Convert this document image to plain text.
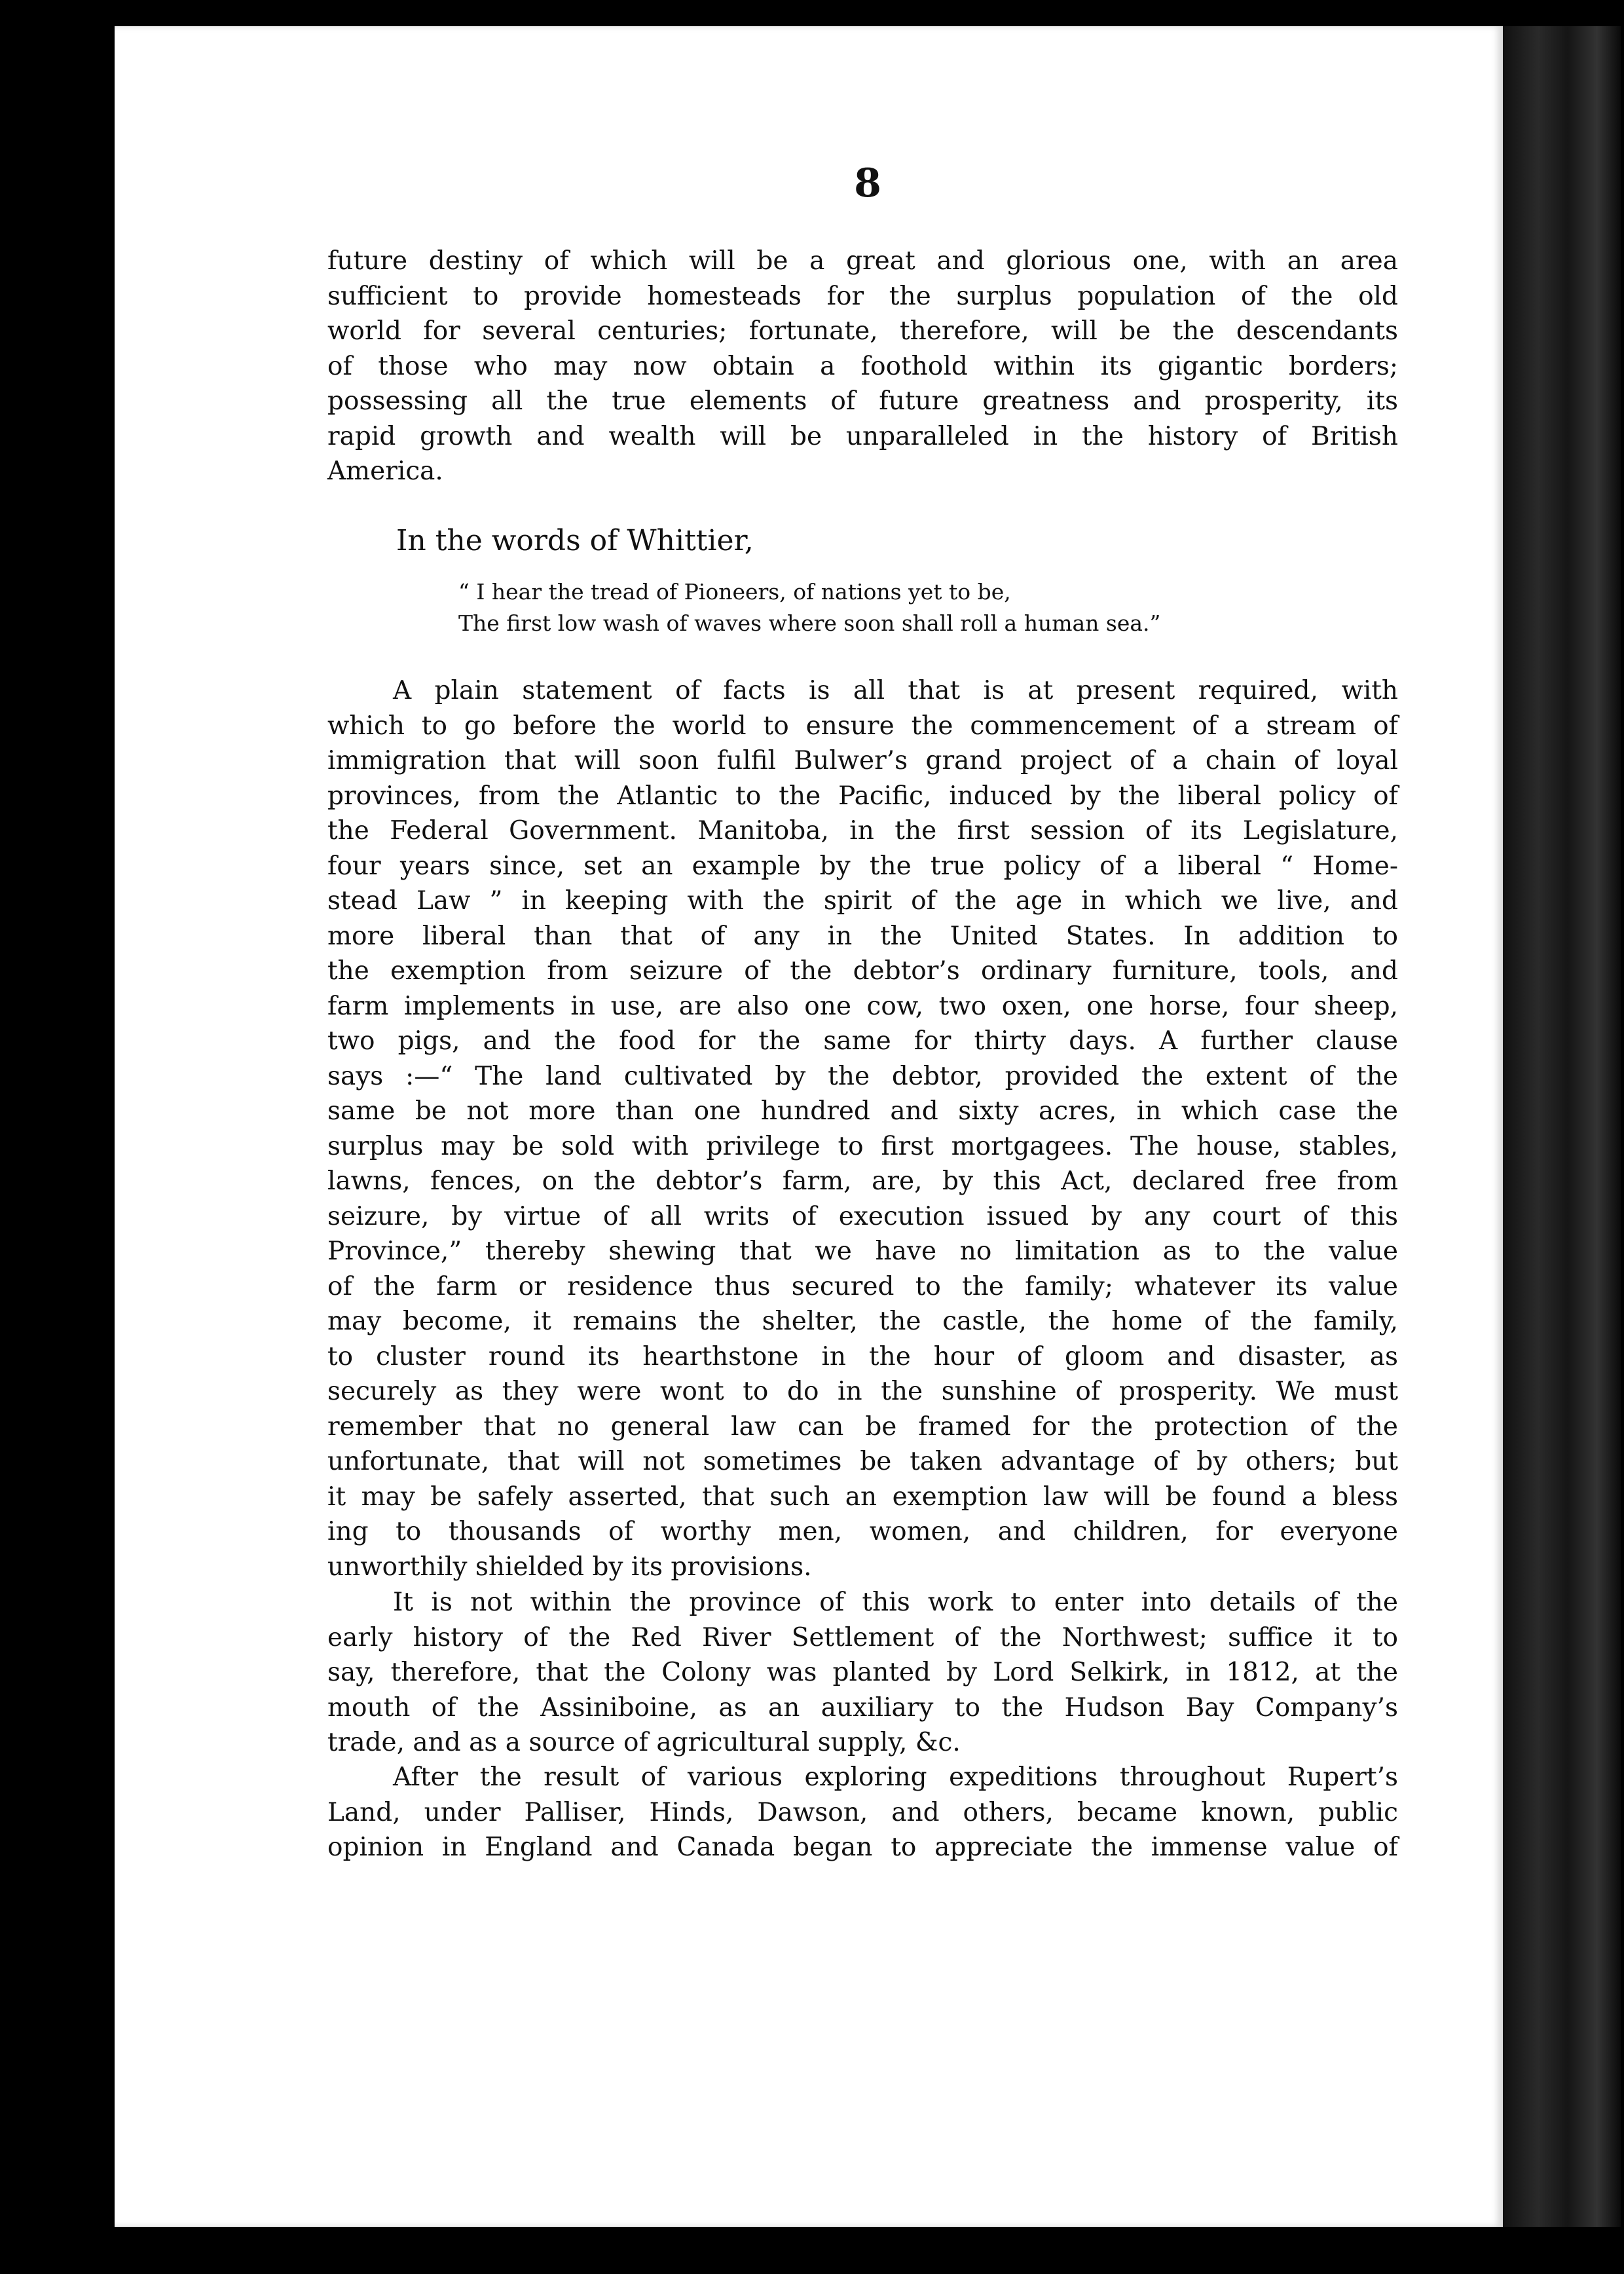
8
future destiny of which will be a great and glorious one, with an area
sufficient to provide homesteads for the surplus population of the old
world for several centuries; fortunate, therefore, will be the descendants
of those who may now obtain a foothold within its gigantic borders;
possessing all the true elements of future greatness and prosperity, its
rapid growth and wealth will be unparalleled in the history of British
America.
In the words of Whittier,
“ I hear the tread of Pioneers, of nations yet to be,
The first low wash of waves where soon shall roll a human sea.”
A plain statement of facts is all that is at present required, with
which to go before the world to ensure the commencement of a stream of
immigration that will soon fulfil Bulwer’s grand project of a chain of loyal
provinces, from the Atlantic to the Pacific, induced by the liberal policy of
the Federal Government. Manitoba, in the first session of its Legislature,
four years since, set an example by the true policy of a liberal “ Home-
stead Law ” in keeping with the spirit of the age in which we live, and
more liberal than that of any in the United States. In addition to
the exemption from seizure of the debtor’s ordinary furniture, tools, and
farm implements in use, are also one cow, two oxen, one horse, four sheep,
two pigs, and the food for the same for thirty days. A further clause
says :—“ The land cultivated by the debtor, provided the extent of the
same be not more than one hundred and sixty acres, in which case the
surplus may be sold with privilege to first mortgagees. The house, stables,
lawns, fences, on the debtor’s farm, are, by this Act, declared free from
seizure, by virtue of all writs of execution issued by any court of this
Province,” thereby shewing that we have no limitation as to the value
of the farm or residence thus secured to the family; whatever its value
may become, it remains the shelter, the castle, the home of the family,
to cluster round its hearthstone in the hour of gloom and disaster, as
securely as they were wont to do in the sunshine of prosperity. We must
remember that no general law can be framed for the protection of the
unfortunate, that will not sometimes be taken advantage of by others; but
it may be safely asserted, that such an exemption law will be found a bless
ing to thousands of worthy men, women, and children, for everyone
unworthily shielded by its provisions.
It is not within the province of this work to enter into details of the
early history of the Red River Settlement of the Northwest; suffice it to
say, therefore, that the Colony was planted by Lord Selkirk, in 1812, at the
mouth of the Assiniboine, as an auxiliary to the Hudson Bay Company’s
trade, and as a source of agricultural supply, &c.
After the result of various exploring expeditions throughout Rupert’s
Land, under Palliser, Hinds, Dawson, and others, became known, public
opinion in England and Canada began to appreciate the immense value of
